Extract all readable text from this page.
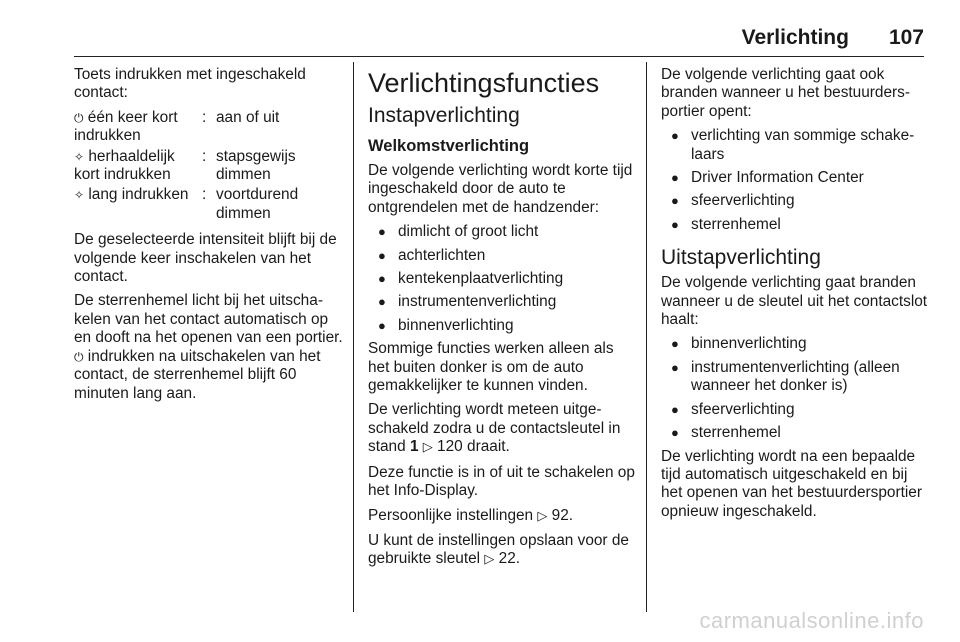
Verlichting 107

Toets indrukken met ingeschakeld contact:

⏻ één keer kort indrukken
: aan of uit
✧ herhaaldelijk kort indrukken
: stapsgewijs dimmen
✧ lang indrukken : voortdurend dimmen

De geselecteerde intensiteit blijft bij de volgende keer inschakelen van het contact.

De sterrenhemel licht bij het uitschakelen van het contact automatisch op en dooft na het openen van een portier. ⏻ indrukken na uitschakelen van het contact, de sterrenhemel blijft 60 minuten lang aan.

Verlichtingsfuncties
Instapverlichting
Welkomstverlichting

De volgende verlichting wordt korte tijd ingeschakeld door de auto te ontgrendelen met de handzender:

● dimlicht of groot licht
● achterlichten
● kentekenplaatverlichting
● instrumentenverlichting
● binnenverlichting

Sommige functies werken alleen als het buiten donker is om de auto gemakkelijker te kunnen vinden.

De verlichting wordt meteen uitgeschakeld zodra u de contactsleutel in stand 1 ▷ 120 draait.

Deze functie is in of uit te schakelen op het Info-Display.

Persoonlijke instellingen ▷ 92.

U kunt de instellingen opslaan voor de gebruikte sleutel ▷ 22.

De volgende verlichting gaat ook branden wanneer u het bestuurdersportier opent:

● verlichting van sommige schakelaars
● Driver Information Center
● sfeerverlichting
● sterrenhemel
Uitstapverlichting

De volgende verlichting gaat branden wanneer u de sleutel uit het contactslot haalt:

● binnenverlichting
● instrumentenverlichting (alleen wanneer het donker is)
● sfeerverlichting
● sterrenhemel

De verlichting wordt na een bepaalde tijd automatisch uitgeschakeld en bij het openen van het bestuurdersportier opnieuw ingeschakeld.

carmanualsonline.info
